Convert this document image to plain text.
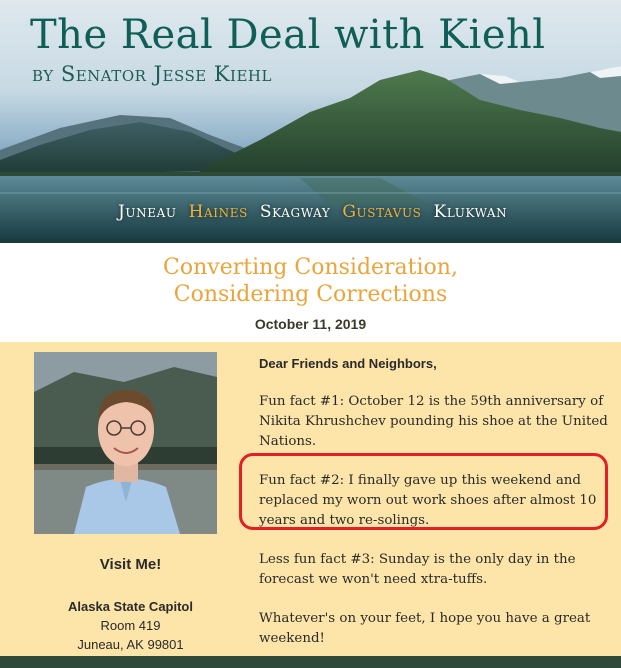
The Real Deal with Kiehl
by Senator Jesse Kiehl
Juneau Haines Skagway Gustavus Klukwan
Converting Consideration,
Considering Corrections
October 11, 2019
Visit Me!
Alaska State Capitol
Room 419
Juneau, AK 99801
Dear Friends and Neighbors,

Fun fact #1: October 12 is the 59th anniversary of Nikita Khrushchev pounding his shoe at the United Nations.

Fun fact #2: I finally gave up this weekend and replaced my worn out work shoes after almost 10 years and two re-solings.

Less fun fact #3: Sunday is the only day in the forecast we won't need xtra-tuffs.

Whatever's on your feet, I hope you have a great weekend!
